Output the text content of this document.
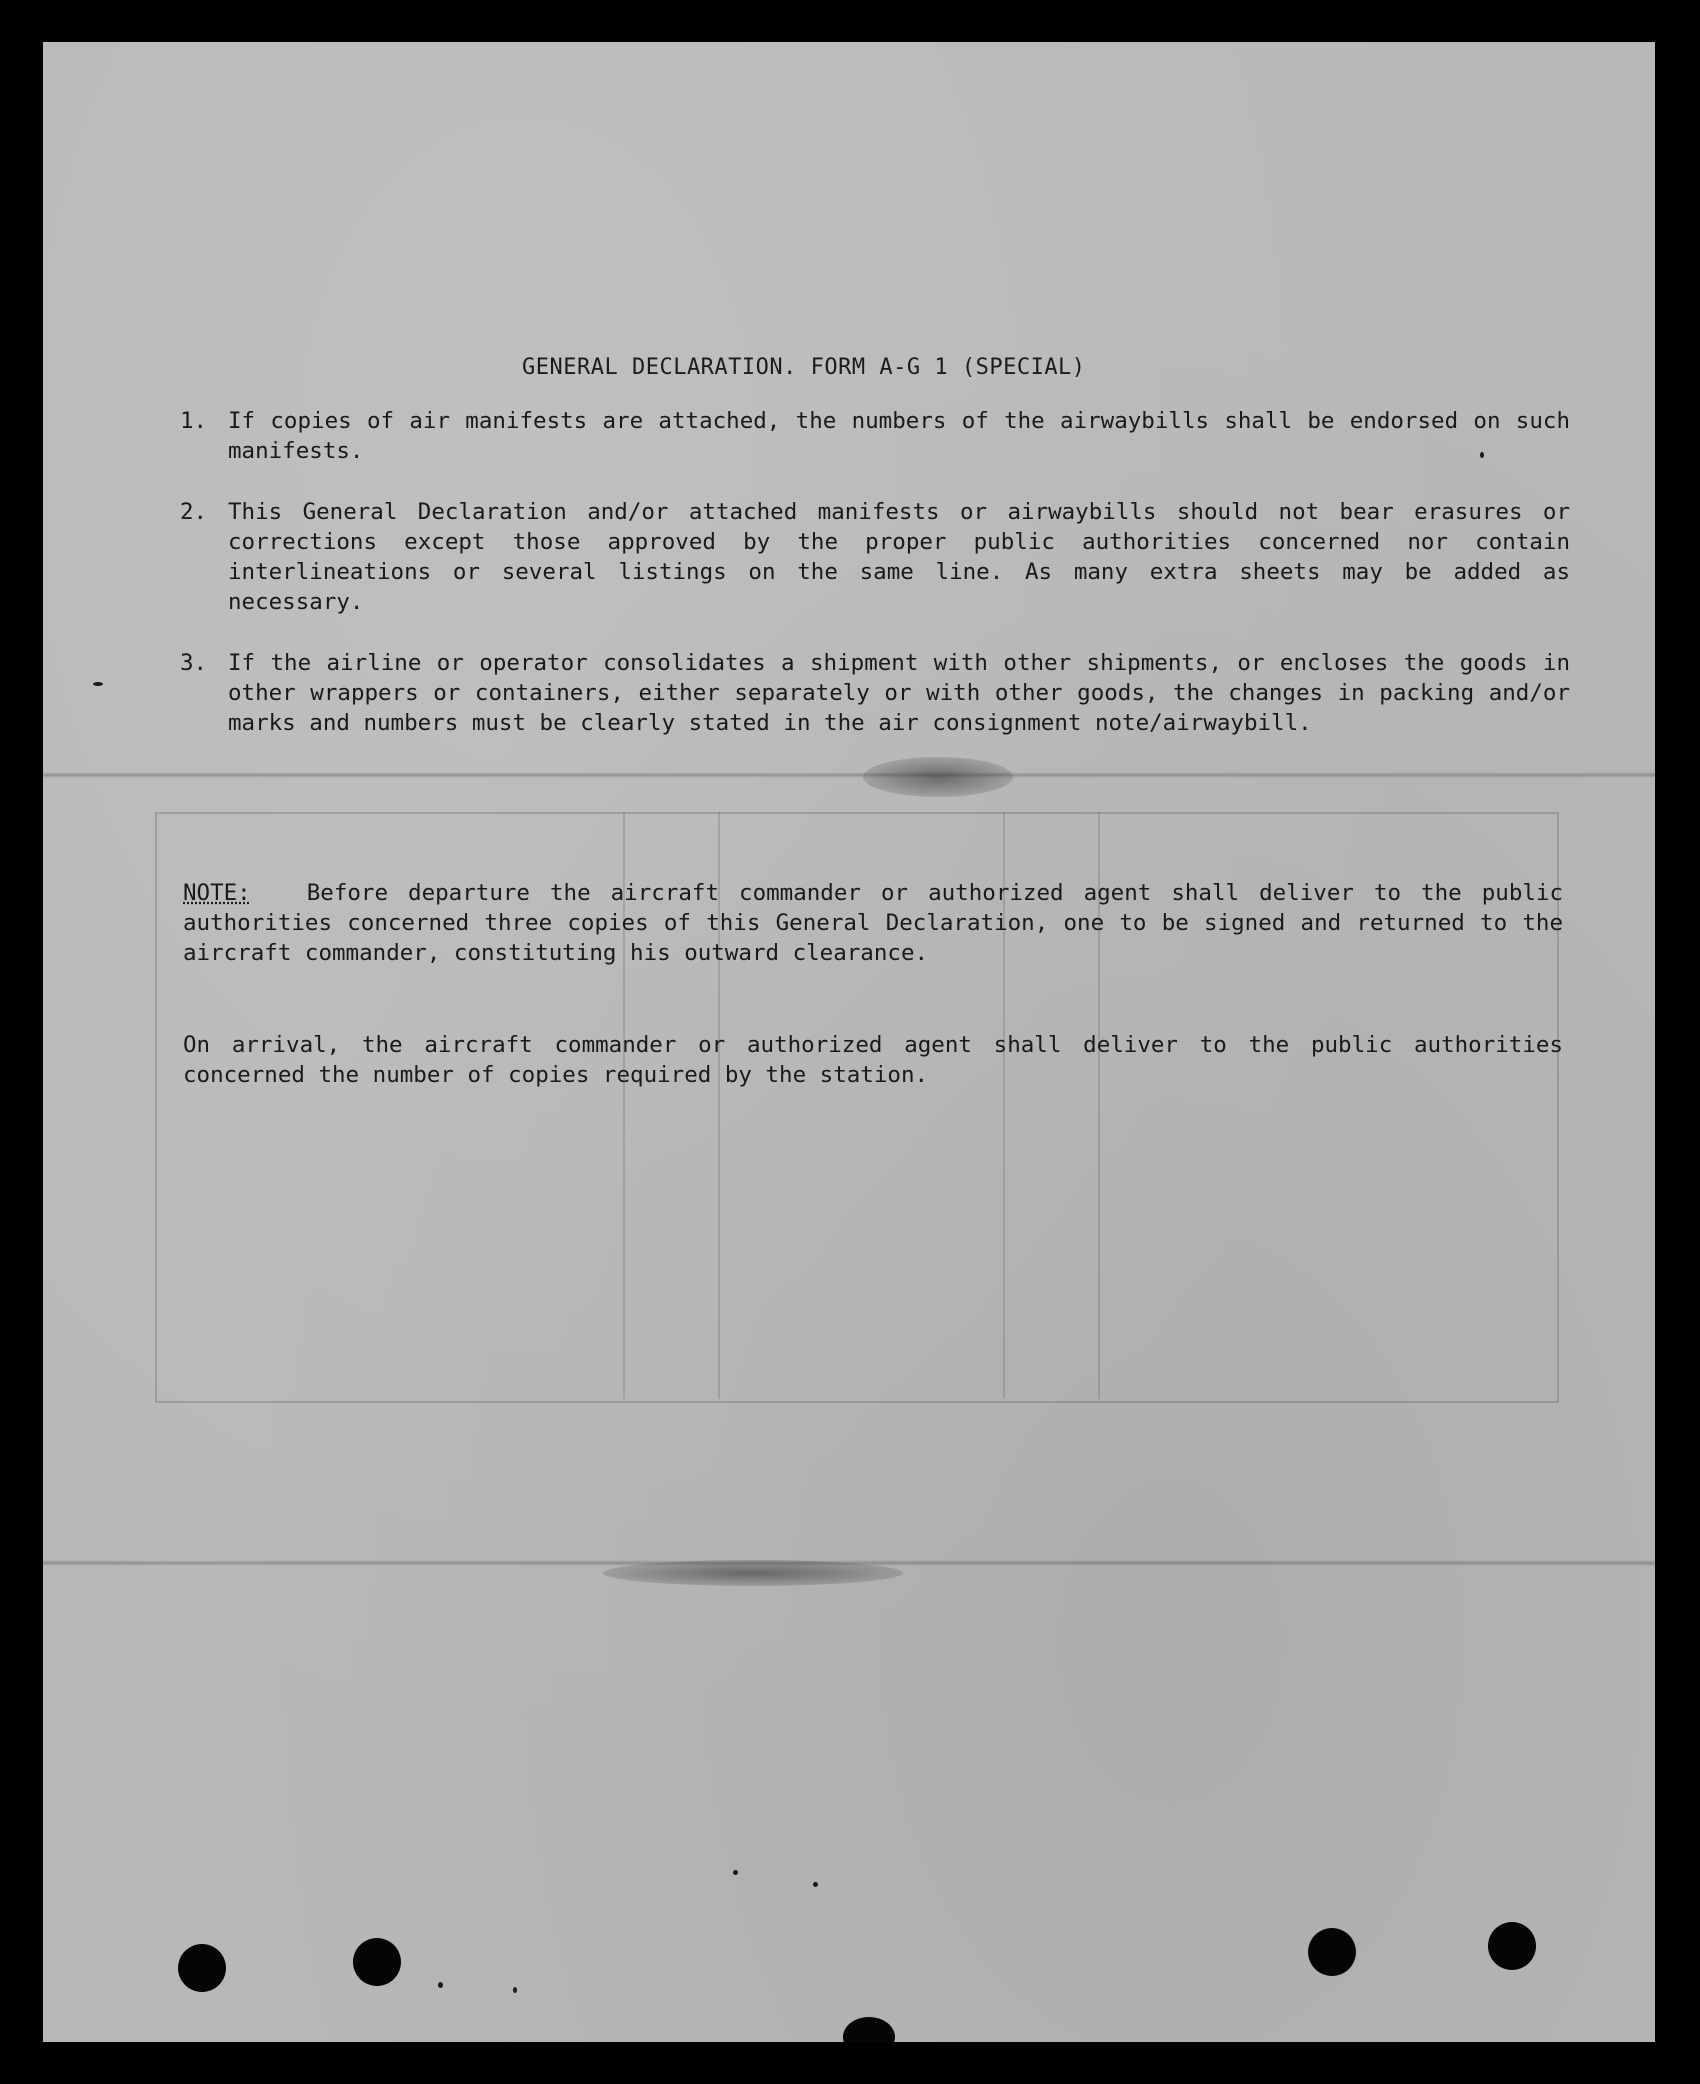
GENERAL DECLARATION. FORM A-G 1 (SPECIAL)
1. If copies of air manifests are attached, the numbers of the airwaybills shall be endorsed on such manifests.
2. This General Declaration and/or attached manifests or airwaybills should not bear erasures or corrections except those approved by the proper public authorities concerned nor contain interlineations or several listings on the same line. As many extra sheets may be added as necessary.
3. If the airline or operator consolidates a shipment with other shipments, or encloses the goods in other wrappers or containers, either separately or with other goods, the changes in packing and/or marks and numbers must be clearly stated in the air consignment note/airwaybill.
NOTE: Before departure the aircraft commander or authorized agent shall deliver to the public authorities concerned three copies of this General Declaration, one to be signed and returned to the aircraft commander, constituting his outward clearance.
On arrival, the aircraft commander or authorized agent shall deliver to the public authorities concerned the number of copies required by the station.
